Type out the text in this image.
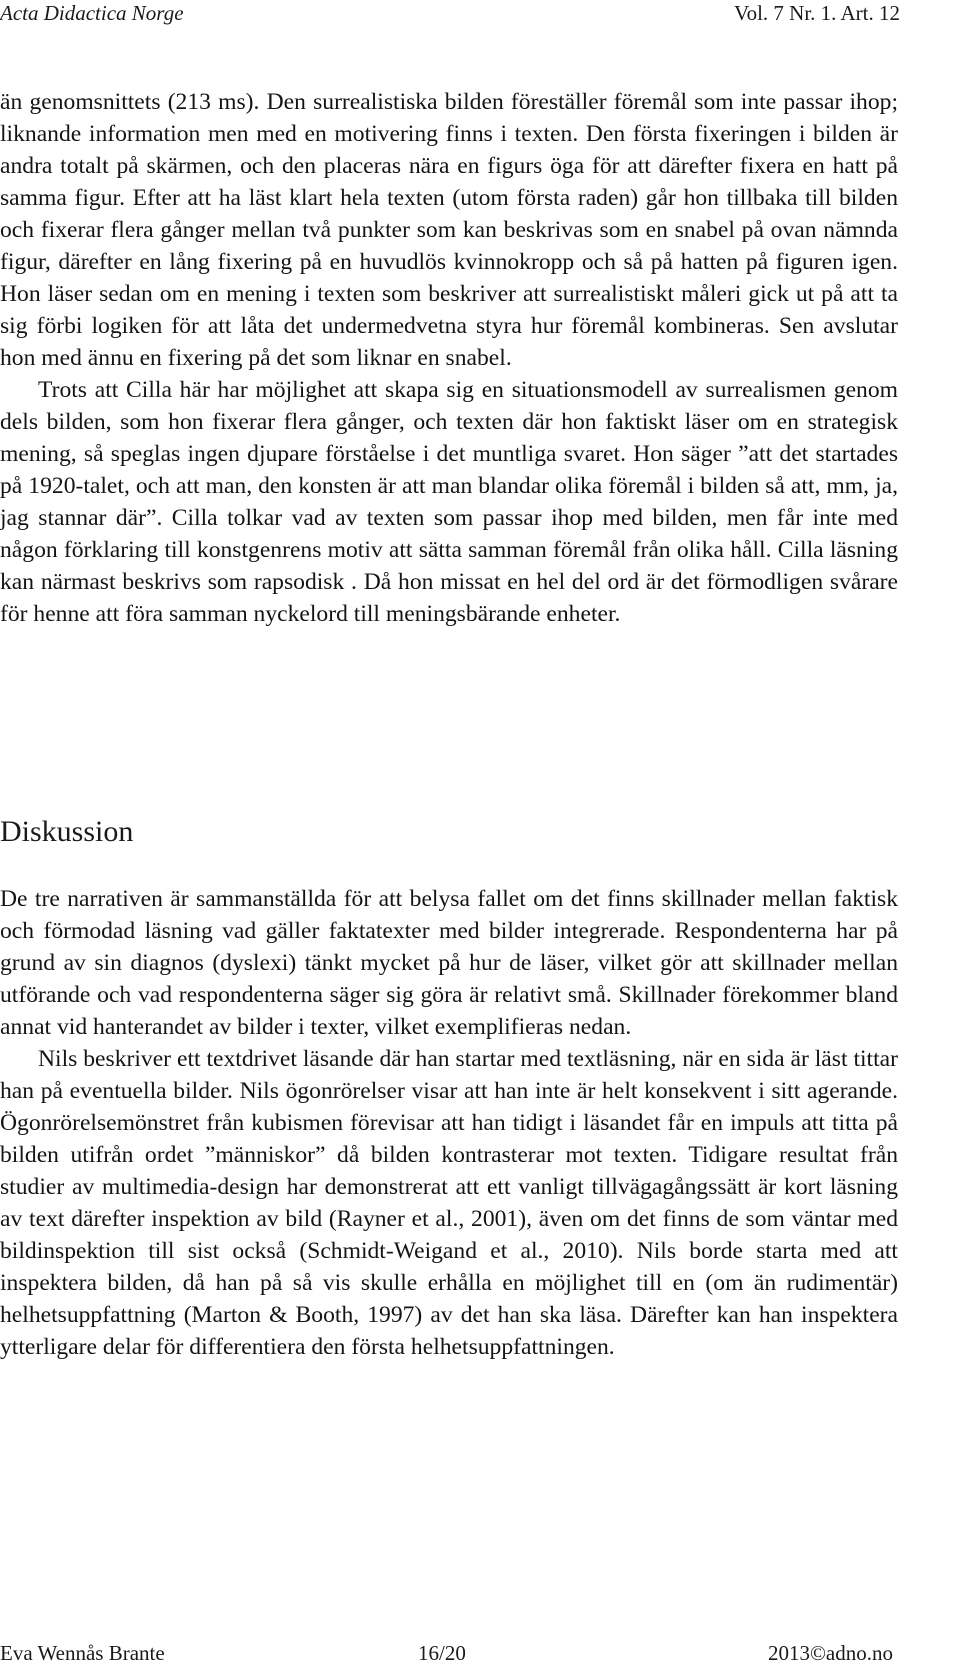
Acta Didactica Norge	Vol. 7 Nr. 1. Art. 12

än genomsnittets (213 ms). Den surrealistiska bilden föreställer föremål som inte passar ihop; liknande information men med en motivering finns i texten. Den första fixeringen i bilden är andra totalt på skärmen, och den placeras nära en figurs öga för att därefter fixera en hatt på samma figur. Efter att ha läst klart hela texten (utom första raden) går hon tillbaka till bilden och fixerar flera gånger mellan två punkter som kan beskrivas som en snabel på ovan nämnda figur, därefter en lång fixering på en huvudlös kvinnokropp och så på hatten på figuren igen. Hon läser sedan om en mening i texten som beskriver att surrealistiskt måleri gick ut på att ta sig förbi logiken för att låta det undermedvetna styra hur föremål kombineras. Sen avslutar hon med ännu en fixering på det som liknar en snabel.

Trots att Cilla här har möjlighet att skapa sig en situationsmodell av surrealismen genom dels bilden, som hon fixerar flera gånger, och texten där hon faktiskt läser om en strategisk mening, så speglas ingen djupare förståelse i det muntliga svaret. Hon säger ”att det startades på 1920-talet, och att man, den konsten är att man blandar olika föremål i bilden så att, mm, ja, jag stannar där”. Cilla tolkar vad av texten som passar ihop med bilden, men får inte med någon förklaring till konstgenrens motiv att sätta samman föremål från olika håll. Cilla läsning kan närmast beskrivs som rapsodisk . Då hon missat en hel del ord är det förmodligen svårare för henne att föra samman nyckelord till meningsbärande enheter.

Diskussion

De tre narrativen är sammanställda för att belysa fallet om det finns skillnader mellan faktisk och förmodad läsning vad gäller faktatexter med bilder integrerade. Respondenterna har på grund av sin diagnos (dyslexi) tänkt mycket på hur de läser, vilket gör att skillnader mellan utförande och vad respondenterna säger sig göra är relativt små. Skillnader förekommer bland annat vid hanterandet av bilder i texter, vilket exemplifieras nedan.

Nils beskriver ett textdrivet läsande där han startar med textläsning, när en sida är läst tittar han på eventuella bilder. Nils ögonrörelser visar att han inte är helt konsekvent i sitt agerande. Ögonrörelsemönstret från kubismen förevisar att han tidigt i läsandet får en impuls att titta på bilden utifrån ordet ”människor” då bilden kontrasterar mot texten. Tidigare resultat från studier av multimedia-design har demonstrerat att ett vanligt tillvägagångssätt är kort läsning av text därefter inspektion av bild (Rayner et al., 2001), även om det finns de som väntar med bildinspektion till sist också (Schmidt-Weigand et al., 2010). Nils borde starta med att inspektera bilden, då han på så vis skulle erhålla en möjlighet till en (om än rudimentär) helhetsuppfattning (Marton & Booth, 1997) av det han ska läsa. Därefter kan han inspektera ytterligare delar för differentiera den första helhetsuppfattningen.

Eva Wennås Brante	16/20	2013©adno.no
